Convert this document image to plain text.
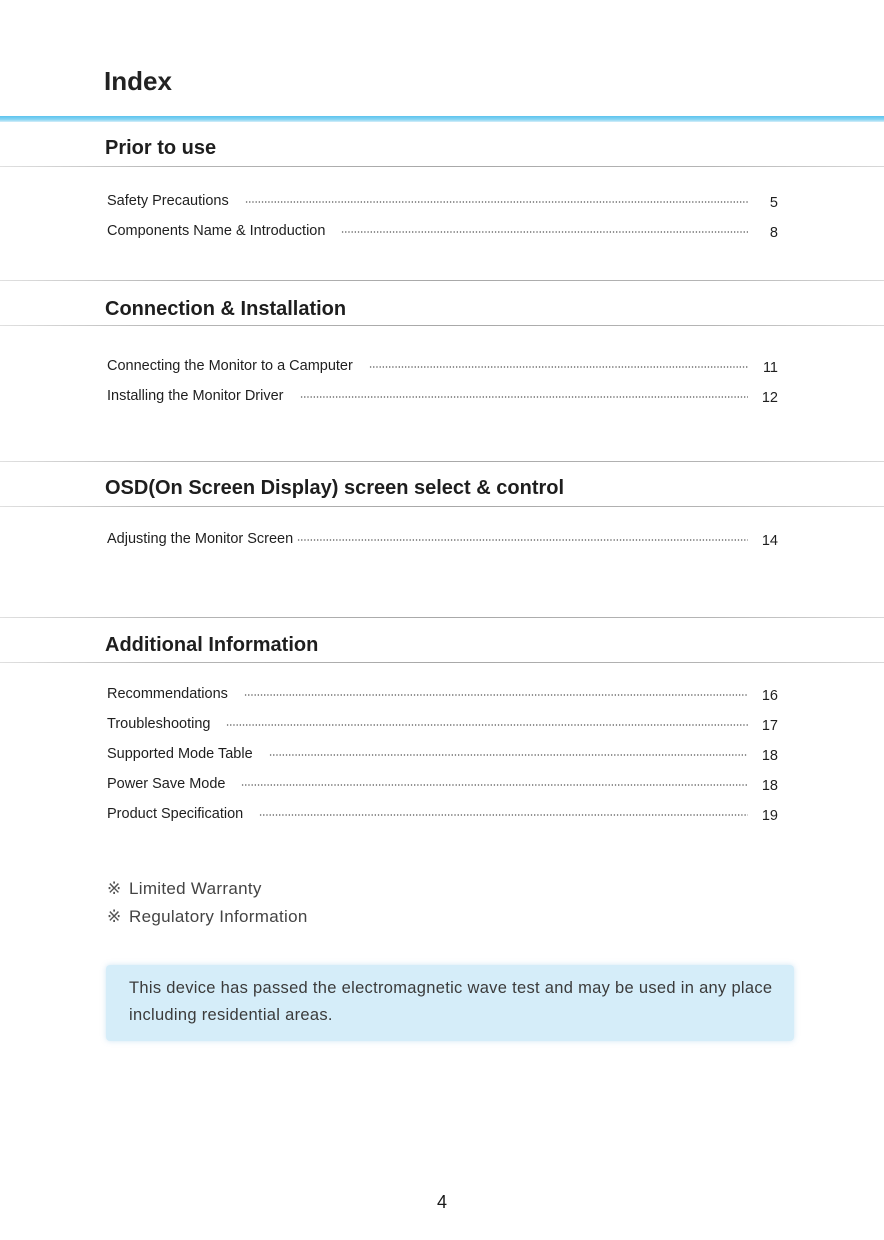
Index
Prior to use
Safety Precautions	5
Components Name & Introduction	8
Connection & Installation
Connecting the Monitor to a Camputer	11
Installing the Monitor Driver	12
OSD(On Screen Display) screen select & control
Adjusting the Monitor Screen	14
Additional Information
Recommendations	16
Troubleshooting	17
Supported Mode Table	18
Power Save Mode	18
Product Specification	19
※ Limited Warranty
※ Regulatory Information
This device has passed the electromagnetic wave test and may be used in any place including residential areas.
4
